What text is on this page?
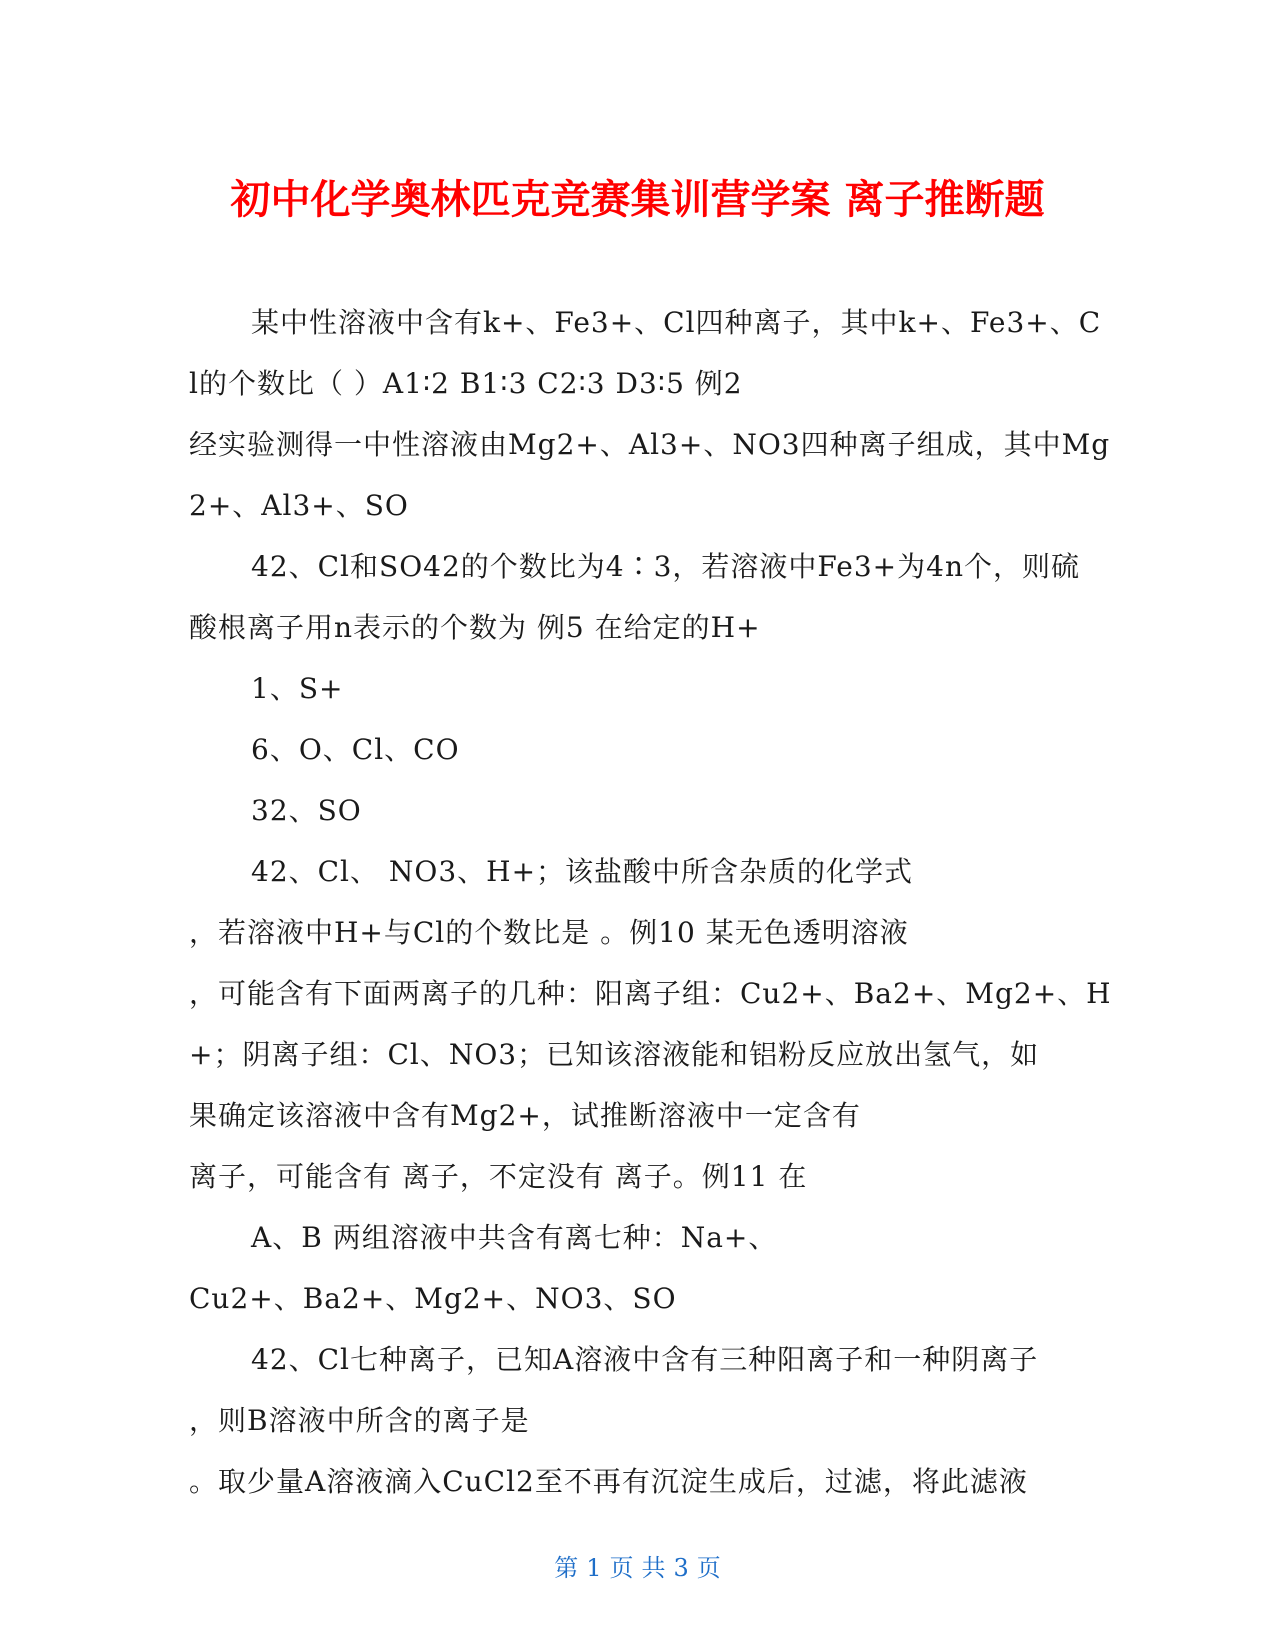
初中化学奥林匹克竞赛集训营学案 离子推断题
某中性溶液中含有k+、Fe3+、Cl四种离子，其中k+、Fe3+、C
l的个数比（ ）A1∶2 B1∶3 C2∶3 D3∶5 例2
经实验测得一中性溶液由Mg2+、Al3+、NO3四种离子组成，其中Mg
2+、Al3+、SO
42、Cl和SO42的个数比为4∶3，若溶液中Fe3+为4n个，则硫
酸根离子用n表示的个数为 例5 在给定的H+
1、S+
6、O、Cl、CO
32、SO
42、Cl、 NO3、H+；该盐酸中所含杂质的化学式
，若溶液中H+与Cl的个数比是 。例10 某无色透明溶液
，可能含有下面两离子的几种：阳离子组：Cu2+、Ba2+、Mg2+、H
+；阴离子组：Cl、NO3；已知该溶液能和铝粉反应放出氢气，如
果确定该溶液中含有Mg2+，试推断溶液中一定含有
离子，可能含有 离子，不定没有 离子。例11 在
A、B 两组溶液中共含有离七种：Na+、
Cu2+、Ba2+、Mg2+、NO3、SO
42、Cl七种离子，已知A溶液中含有三种阳离子和一种阴离子
，则B溶液中所含的离子是
。取少量A溶液滴入CuCl2至不再有沉淀生成后，过滤，将此滤液
第 1 页 共 3 页
